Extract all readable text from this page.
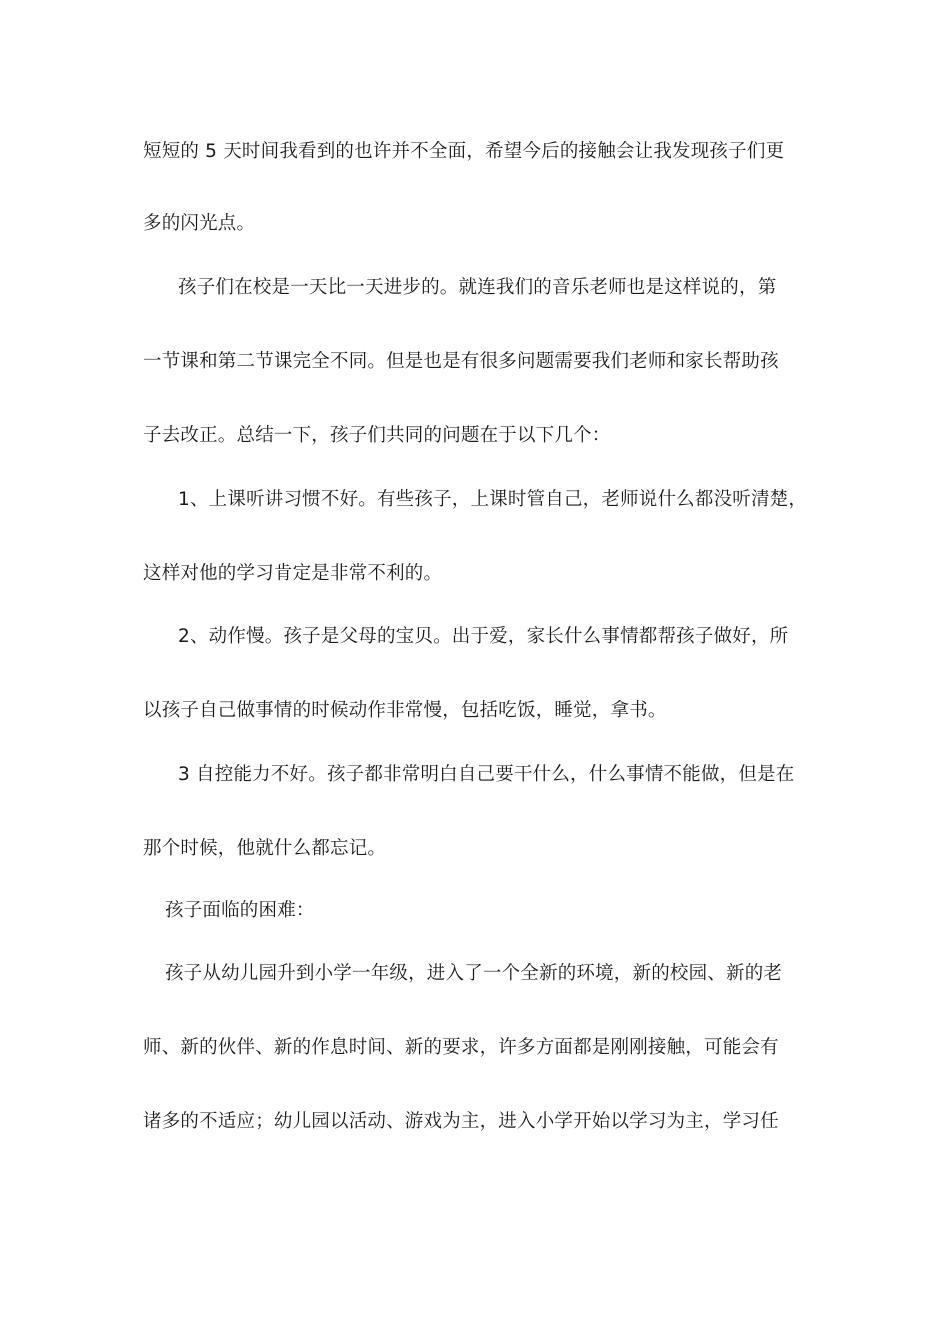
短短的 5 天时间我看到的也许并不全面，希望今后的接触会让我发现孩子们更
多的闪光点。
孩子们在校是一天比一天进步的。就连我们的音乐老师也是这样说的，第
一节课和第二节课完全不同。但是也是有很多问题需要我们老师和家长帮助孩
子去改正。总结一下，孩子们共同的问题在于以下几个：
1、上课听讲习惯不好。有些孩子，上课时管自己，老师说什么都没听清楚，
这样对他的学习肯定是非常不利的。
2、动作慢。孩子是父母的宝贝。出于爱，家长什么事情都帮孩子做好，所
以孩子自己做事情的时候动作非常慢，包括吃饭，睡觉，拿书。
3 自控能力不好。孩子都非常明白自己要干什么，什么事情不能做，但是在
那个时候，他就什么都忘记。
孩子面临的困难：
孩子从幼儿园升到小学一年级，进入了一个全新的环境，新的校园、新的老
师、新的伙伴、新的作息时间、新的要求，许多方面都是刚刚接触，可能会有
诸多的不适应；幼儿园以活动、游戏为主，进入小学开始以学习为主，学习任
